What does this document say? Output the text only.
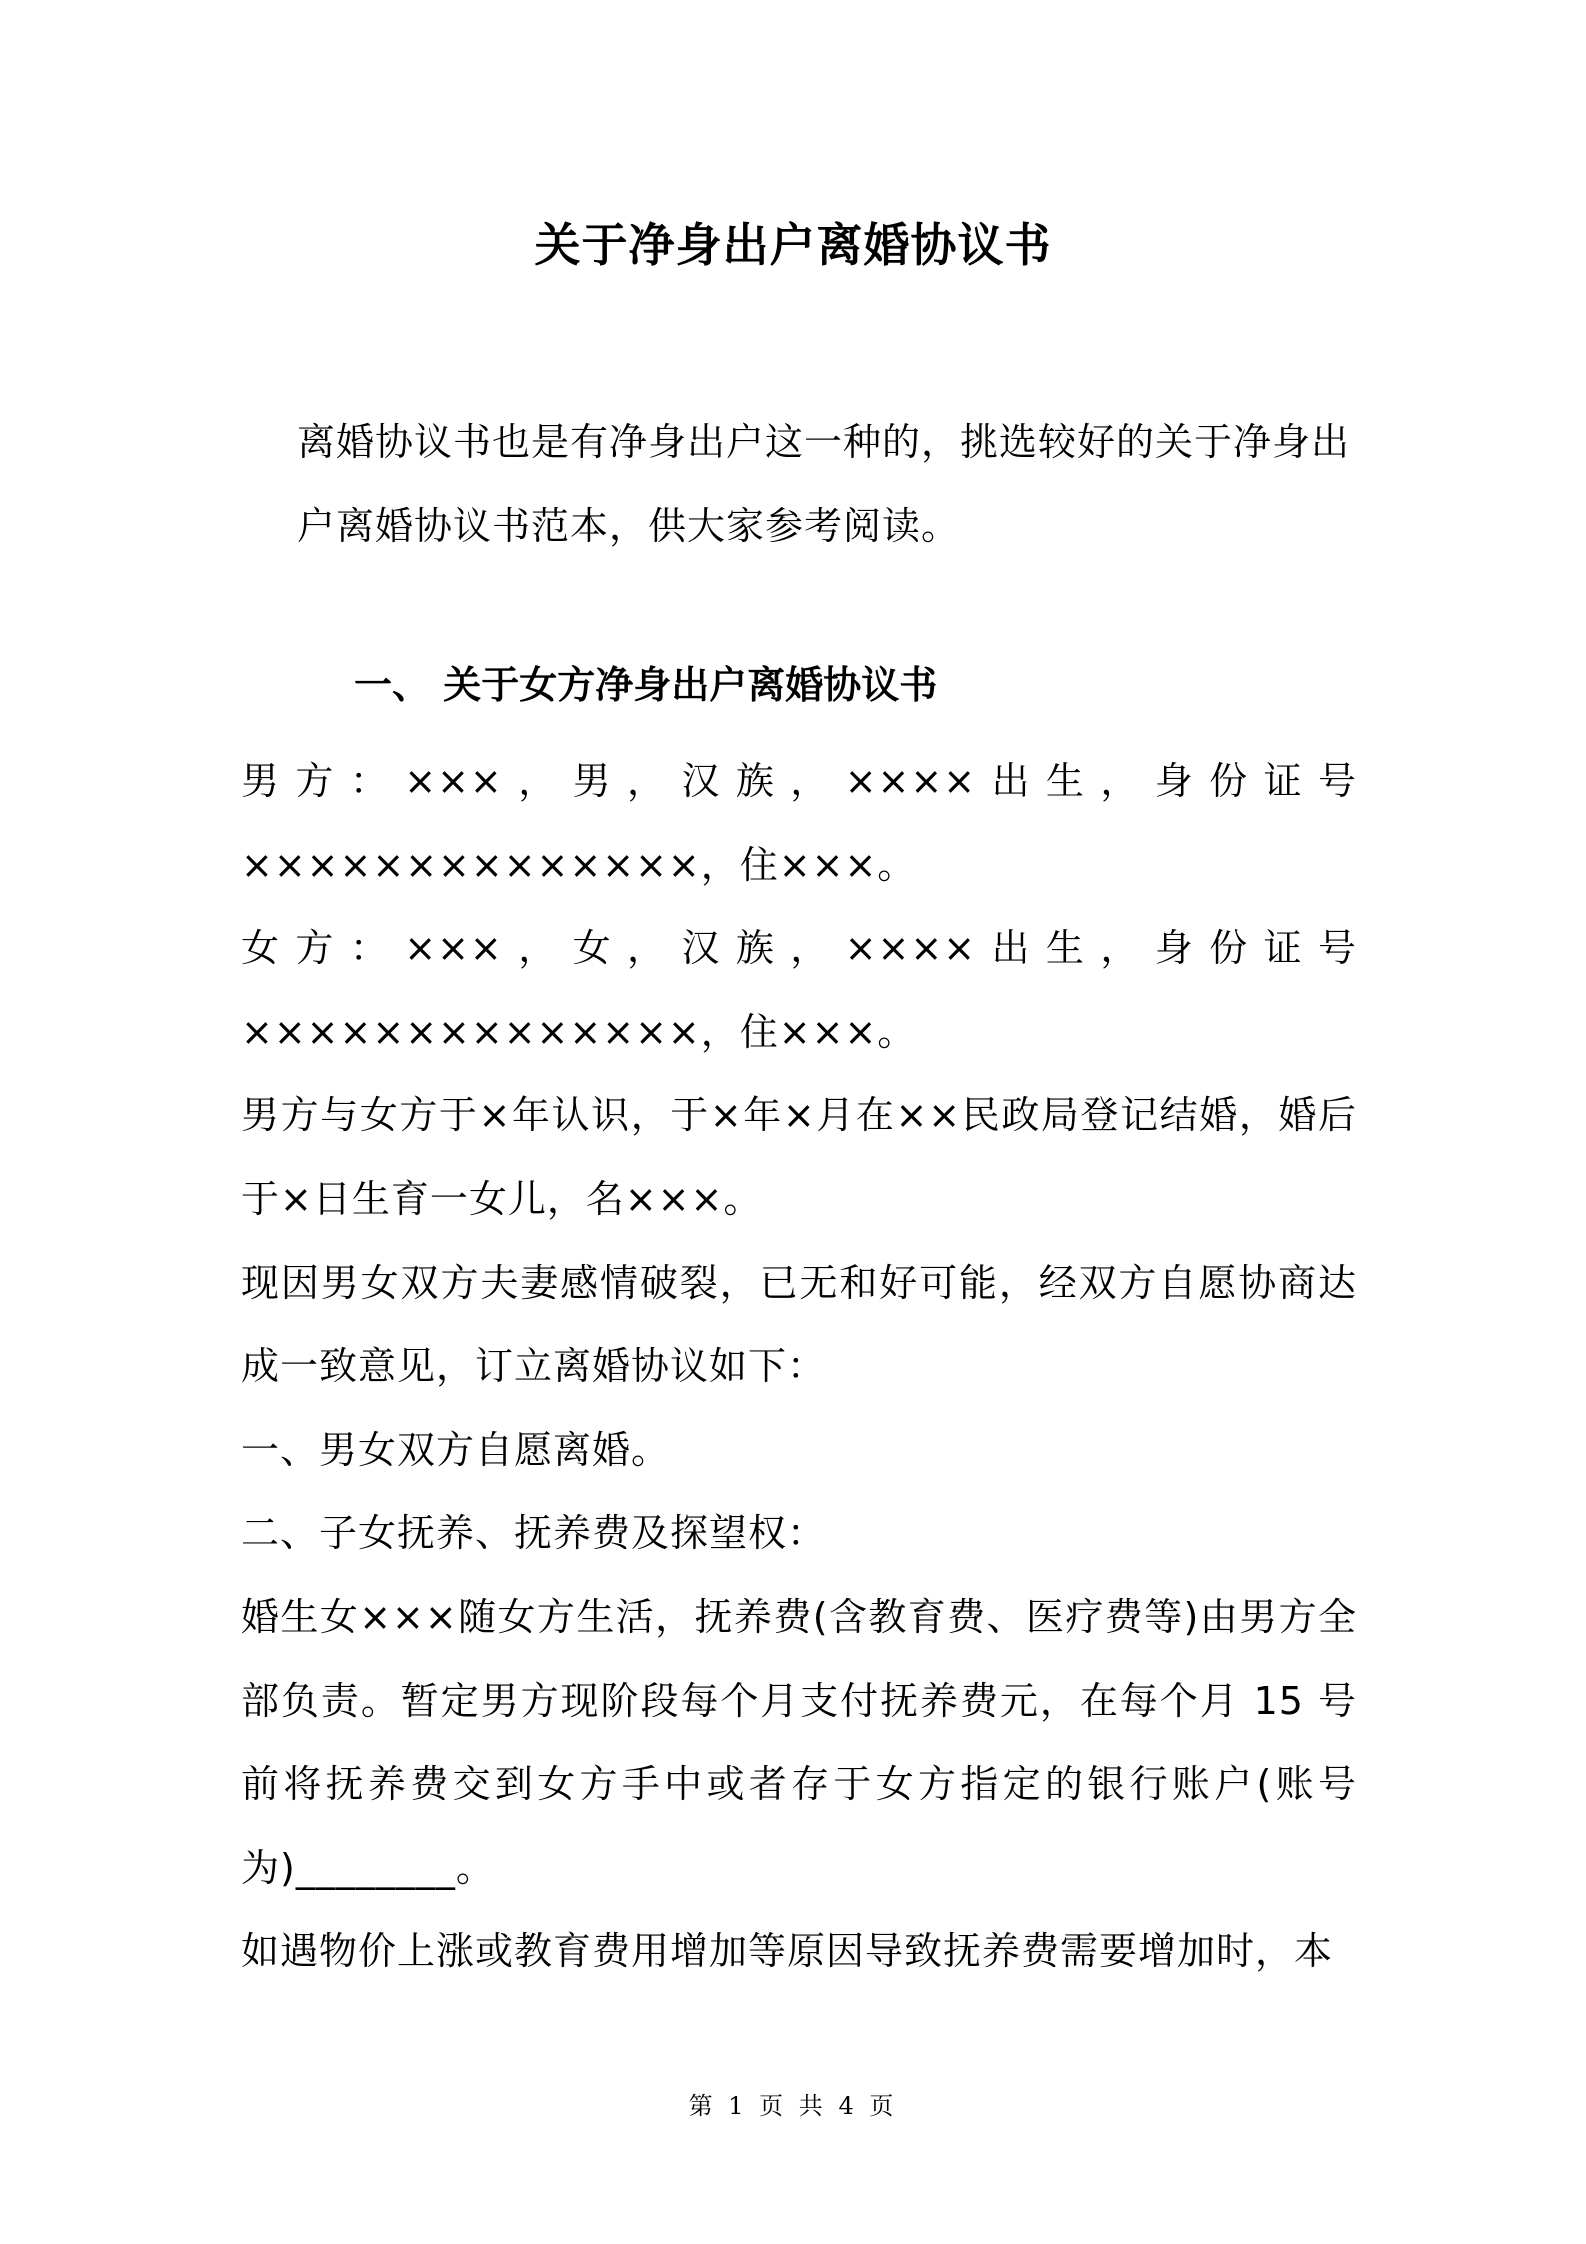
关于净身出户离婚协议书
离婚协议书也是有净身出户这一种的，挑选较好的关于净身出户离婚协议书范本，供大家参考阅读。
一、 关于女方净身出户离婚协议书

男方：×××，男，汉族，××××出生，身份证号××××××××××××××，住×××。

女方：×××，女，汉族，××××出生，身份证号××××××××××××××，住×××。

男方与女方于×年认识，于×年×月在××民政局登记结婚，婚后于×日生育一女儿，名×××。

现因男女双方夫妻感情破裂，已无和好可能，经双方自愿协商达成一致意见，订立离婚协议如下：

一、男女双方自愿离婚。

二、子女抚养、抚养费及探望权：

婚生女×××随女方生活，抚养费(含教育费、医疗费等)由男方全部负责。暂定男方现阶段每个月支付抚养费元，在每个月 15 号前将抚养费交到女方手中或者存于女方指定的银行账户(账号为)________。

如遇物价上涨或教育费用增加等原因导致抚养费需要增加时，本

第 1 页 共 4 页
